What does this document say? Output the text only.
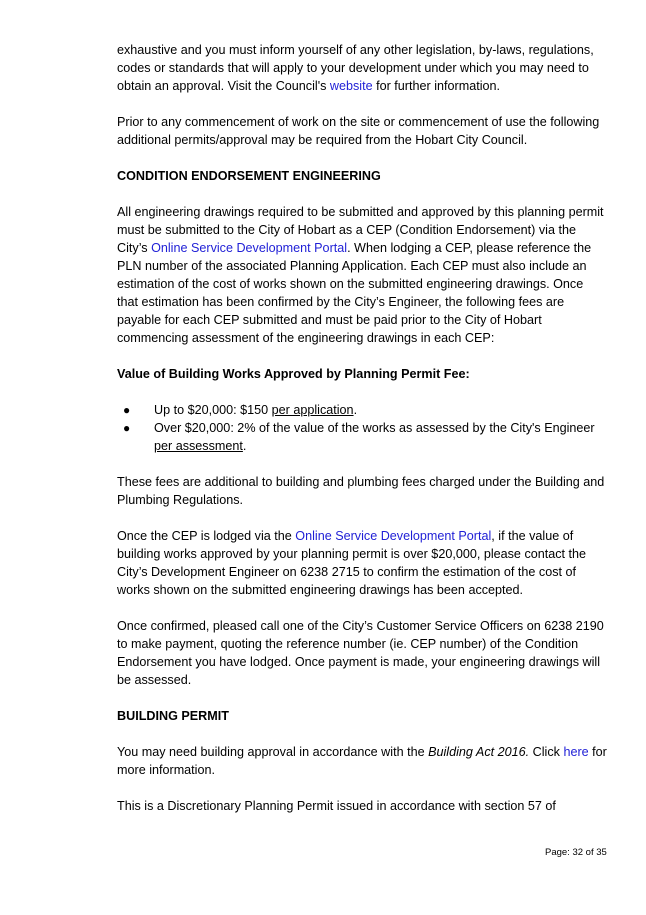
exhaustive and you must inform yourself of any other legislation, by-laws, regulations, codes or standards that will apply to your development under which you may need to obtain an approval. Visit the Council's website for further information.

Prior to any commencement of work on the site or commencement of use the following additional permits/approval may be required from the Hobart City Council.

CONDITION ENDORSEMENT ENGINEERING

All engineering drawings required to be submitted and approved by this planning permit must be submitted to the City of Hobart as a CEP (Condition Endorsement) via the City’s Online Service Development Portal. When lodging a CEP, please reference the PLN number of the associated Planning Application. Each CEP must also include an estimation of the cost of works shown on the submitted engineering drawings. Once that estimation has been confirmed by the City’s Engineer, the following fees are payable for each CEP submitted and must be paid prior to the City of Hobart commencing assessment of the engineering drawings in each CEP:

Value of Building Works Approved by Planning Permit Fee:
● Up to $20,000: $150 per application.
● Over $20,000: 2% of the value of the works as assessed by the City's Engineer per assessment.

These fees are additional to building and plumbing fees charged under the Building and Plumbing Regulations.

Once the CEP is lodged via the Online Service Development Portal, if the value of building works approved by your planning permit is over $20,000, please contact the City’s Development Engineer on 6238 2715 to confirm the estimation of the cost of works shown on the submitted engineering drawings has been accepted.

Once confirmed, pleased call one of the City’s Customer Service Officers on 6238 2190 to make payment, quoting the reference number (ie. CEP number) of the Condition Endorsement you have lodged. Once payment is made, your engineering drawings will be assessed.

BUILDING PERMIT

You may need building approval in accordance with the Building Act 2016. Click here for more information.

This is a Discretionary Planning Permit issued in accordance with section 57 of

Page: 32 of 35
